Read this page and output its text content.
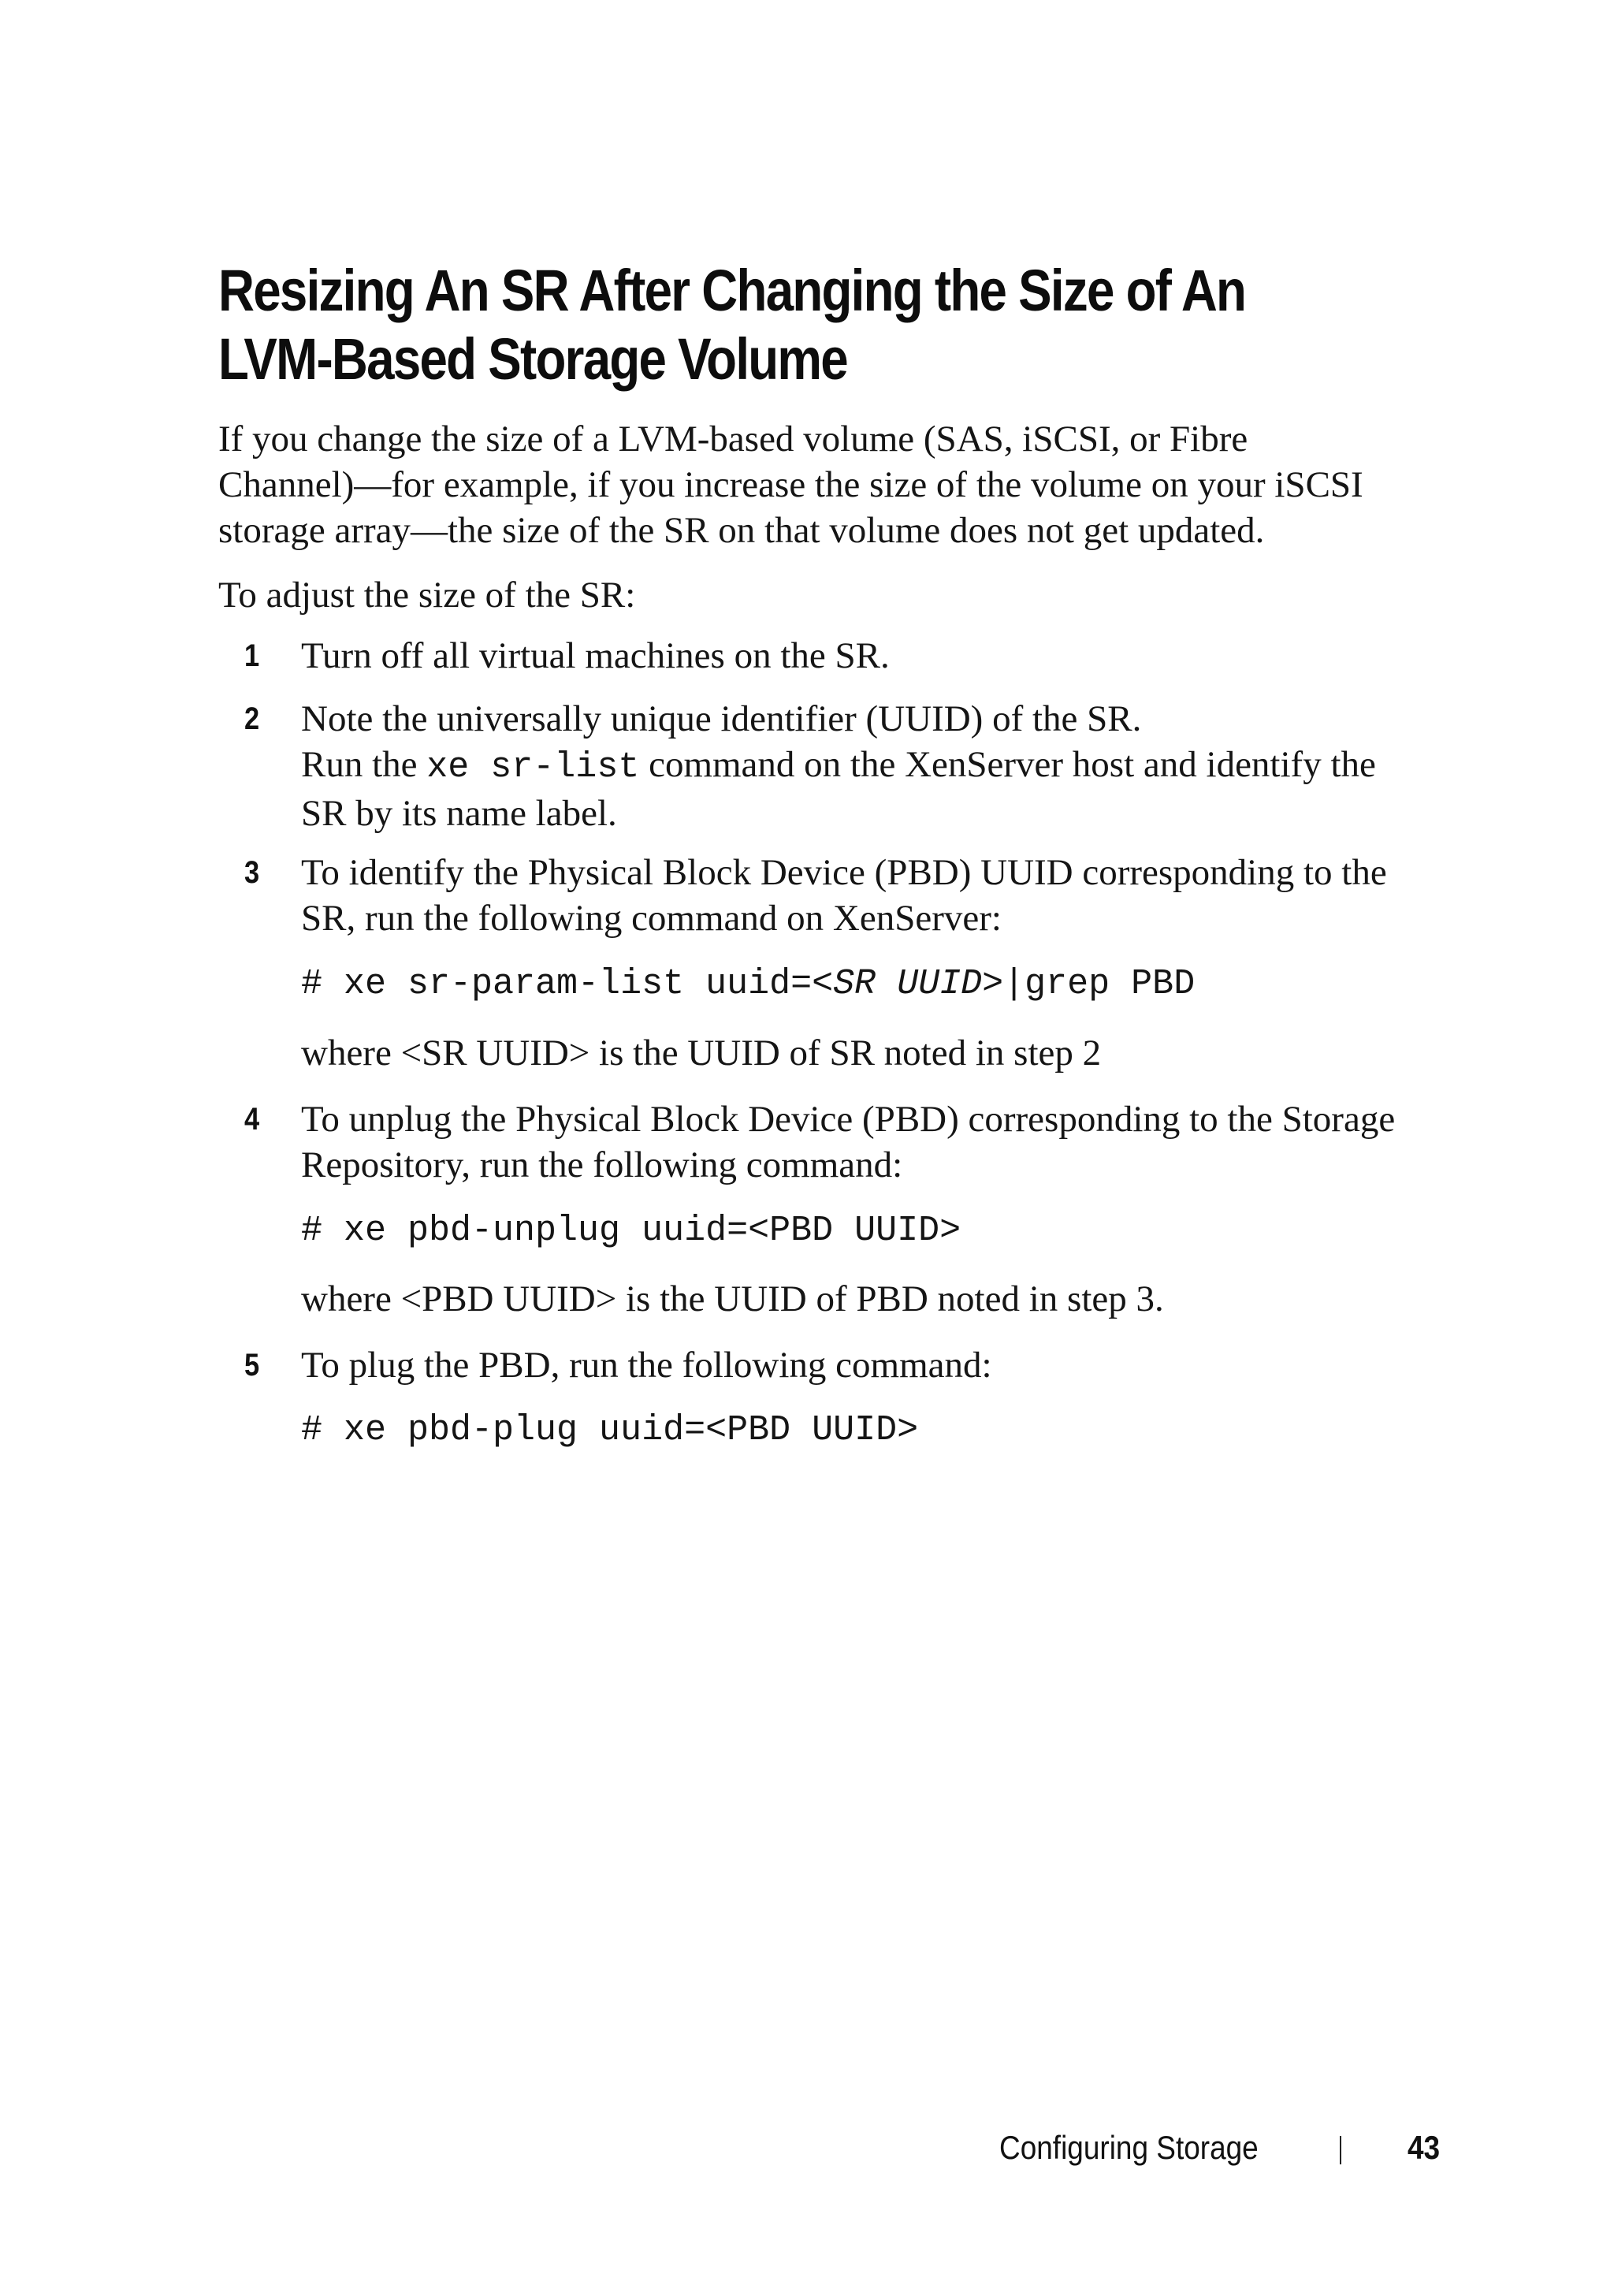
Resizing An SR After Changing the Size of An
LVM-Based Storage Volume

If you change the size of a LVM-based volume (SAS, iSCSI, or Fibre
Channel)—for example, if you increase the size of the volume on your iSCSI
storage array—the size of the SR on that volume does not get updated.

To adjust the size of the SR:

1 Turn off all virtual machines on the SR.

2 Note the universally unique identifier (UUID) of the SR.
Run the xe sr-list command on the XenServer host and identify the
SR by its name label.

3 To identify the Physical Block Device (PBD) UUID corresponding to the
SR, run the following command on XenServer:

# xe sr-param-list uuid=<SR UUID>|grep PBD

where <SR UUID> is the UUID of SR noted in step 2

4 To unplug the Physical Block Device (PBD) corresponding to the Storage
Repository, run the following command:

# xe pbd-unplug uuid=<PBD UUID>

where <PBD UUID> is the UUID of PBD noted in step 3.

5 To plug the PBD, run the following command:

# xe pbd-plug uuid=<PBD UUID>

Configuring Storage	43
